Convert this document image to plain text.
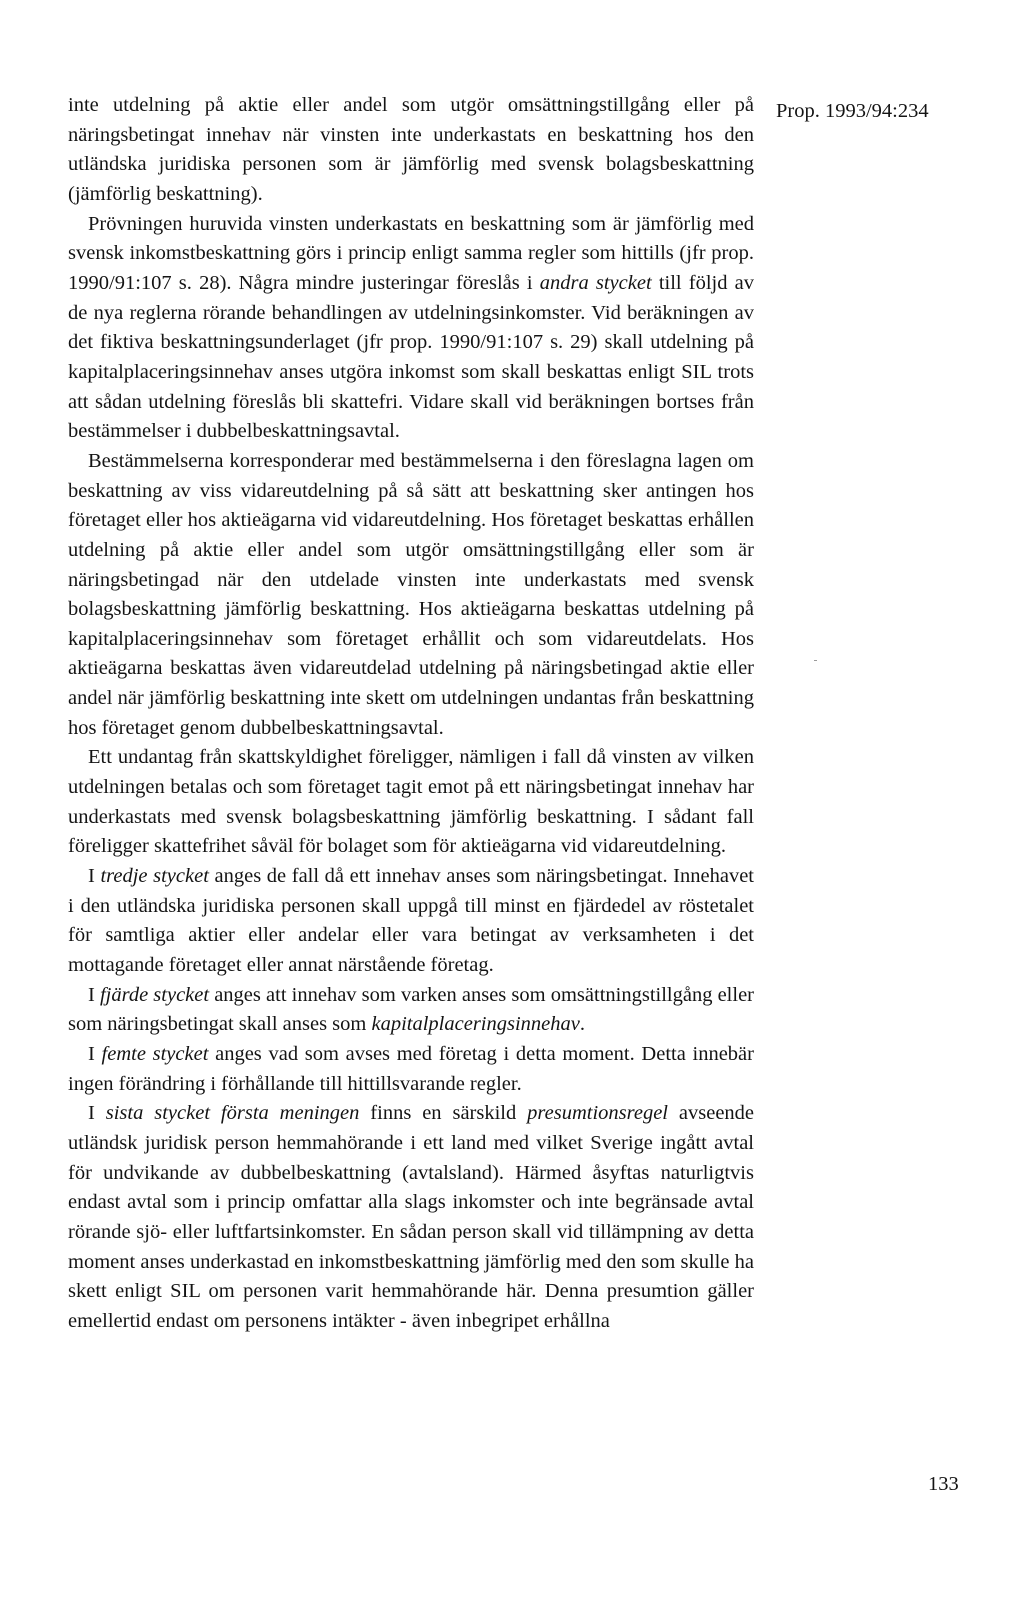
Prop. 1993/94:234

inte utdelning på aktie eller andel som utgör omsättningstillgång eller på näringsbetingat innehav när vinsten inte underkastats en beskattning hos den utländska juridiska personen som är jämförlig med svensk bolagsbeskattning (jämförlig beskattning).

Prövningen huruvida vinsten underkastats en beskattning som är jämförlig med svensk inkomstbeskattning görs i princip enligt samma regler som hittills (jfr prop. 1990/91:107 s. 28). Några mindre justeringar föreslås i andra stycket till följd av de nya reglerna rörande behandlingen av utdelningsinkomster. Vid beräkningen av det fiktiva beskattningsunderlaget (jfr prop. 1990/91:107 s. 29) skall utdelning på kapitalplaceringsinnehav anses utgöra inkomst som skall beskattas enligt SIL trots att sådan utdelning föreslås bli skattefri. Vidare skall vid beräkningen bortses från bestämmelser i dubbelbeskattningsavtal.

Bestämmelserna korresponderar med bestämmelserna i den föreslagna lagen om beskattning av viss vidareutdelning på så sätt att beskattning sker antingen hos företaget eller hos aktieägarna vid vidareutdelning. Hos företaget beskattas erhållen utdelning på aktie eller andel som utgör omsättningstillgång eller som är näringsbetingad när den utdelade vinsten inte underkastats med svensk bolagsbeskattning jämförlig beskattning. Hos aktieägarna beskattas utdelning på kapitalplaceringsinnehav som företaget erhållit och som vidareutdelats. Hos aktieägarna beskattas även vidareutdelad utdelning på näringsbetingad aktie eller andel när jämförlig beskattning inte skett om utdelningen undantas från beskattning hos företaget genom dubbelbeskattningsavtal.

Ett undantag från skattskyldighet föreligger, nämligen i fall då vinsten av vilken utdelningen betalas och som företaget tagit emot på ett näringsbetingat innehav har underkastats med svensk bolagsbeskattning jämförlig beskattning. I sådant fall föreligger skattefrihet såväl för bolaget som för aktieägarna vid vidareutdelning.

I tredje stycket anges de fall då ett innehav anses som näringsbetingat. Innehavet i den utländska juridiska personen skall uppgå till minst en fjärdedel av röstetalet för samtliga aktier eller andelar eller vara betingat av verksamheten i det mottagande företaget eller annat närstående företag.

I fjärde stycket anges att innehav som varken anses som omsättningstillgång eller som näringsbetingat skall anses som kapitalplaceringsinnehav.

I femte stycket anges vad som avses med företag i detta moment. Detta innebär ingen förändring i förhållande till hittillsvarande regler.

I sista stycket första meningen finns en särskild presumtionsregel avseende utländsk juridisk person hemmahörande i ett land med vilket Sverige ingått avtal för undvikande av dubbelbeskattning (avtalsland). Härmed åsyftas naturligtvis endast avtal som i princip omfattar alla slags inkomster och inte begränsade avtal rörande sjö- eller luftfartsinkomster. En sådan person skall vid tillämpning av detta moment anses underkastad en inkomstbeskattning jämförlig med den som skulle ha skett enligt SIL om personen varit hemmahörande här. Denna presumtion gäller emellertid endast om personens intäkter - även inbegripet erhållna

133
